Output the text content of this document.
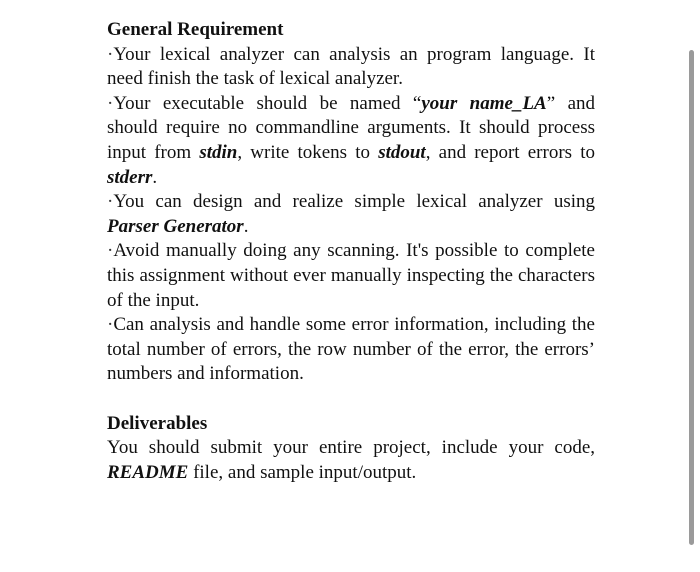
General Requirement

·Your lexical analyzer can analysis an program language. It need finish the task of lexical analyzer.

·Your executable should be named “your name_LA” and should require no commandline arguments. It should process input from stdin, write tokens to stdout, and report errors to stderr.

·You can design and realize simple lexical analyzer using Parser Generator.

·Avoid manually doing any scanning. It's possible to complete this assignment without ever manually inspecting the characters of the input.

·Can analysis and handle some error information, including the total number of errors, the row number of the error, the errors’ numbers and information.

Deliverables

You should submit your entire project, include your code, README file, and sample input/output.
